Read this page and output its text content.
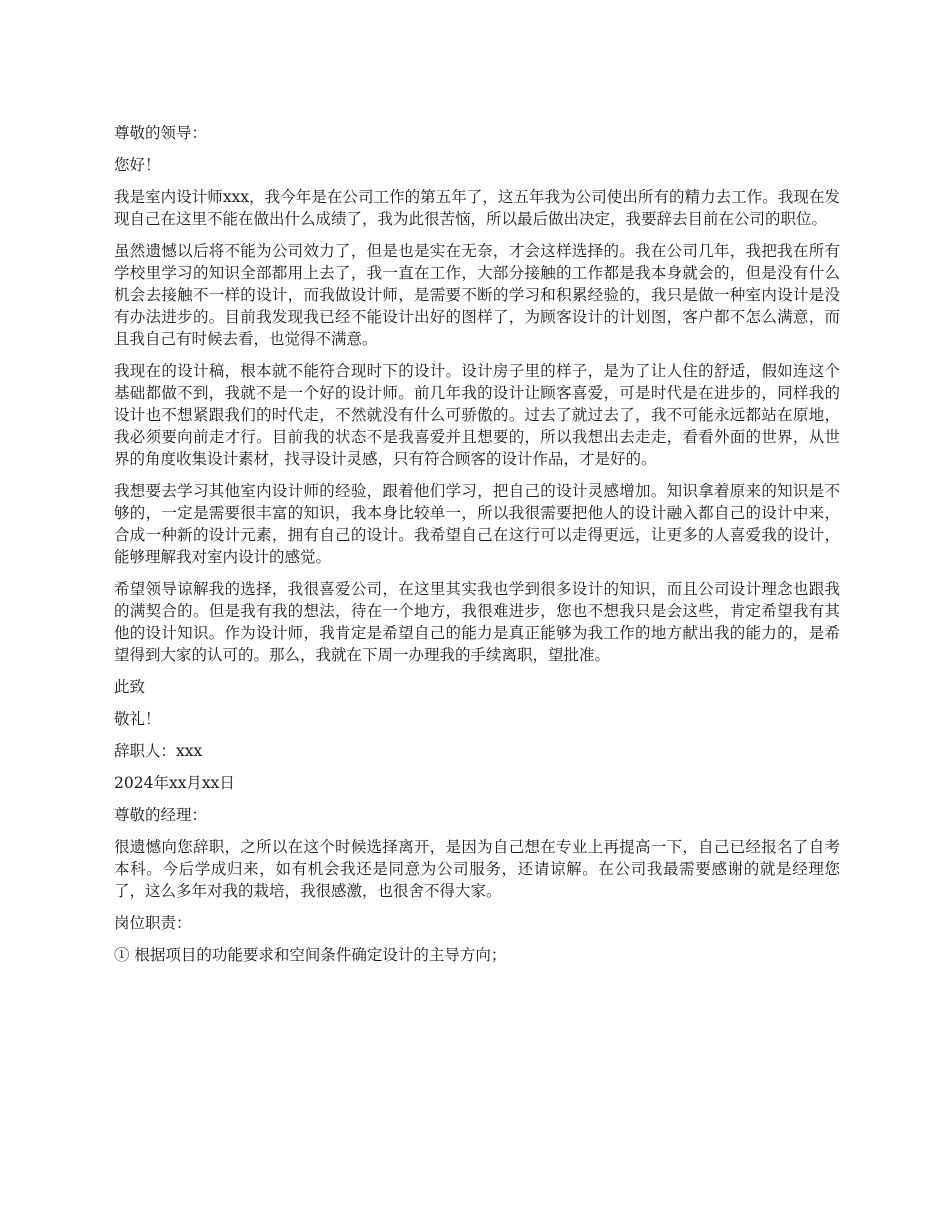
尊敬的领导：

您好！

我是室内设计师xxx，我今年是在公司工作的第五年了，这五年我为公司使出所有的精力去工作。我现在发现自己在这里不能在做出什么成绩了，我为此很苦恼，所以最后做出决定，我要辞去目前在公司的职位。

虽然遗憾以后将不能为公司效力了，但是也是实在无奈，才会这样选择的。我在公司几年，我把我在所有学校里学习的知识全部都用上去了，我一直在工作，大部分接触的工作都是我本身就会的，但是没有什么机会去接触不一样的设计，而我做设计师，是需要不断的学习和积累经验的，我只是做一种室内设计是没有办法进步的。目前我发现我已经不能设计出好的图样了，为顾客设计的计划图，客户都不怎么满意，而且我自己有时候去看，也觉得不满意。

我现在的设计稿，根本就不能符合现时下的设计。设计房子里的样子，是为了让人住的舒适，假如连这个基础都做不到，我就不是一个好的设计师。前几年我的设计让顾客喜爱，可是时代是在进步的，同样我的设计也不想紧跟我们的时代走，不然就没有什么可骄傲的。过去了就过去了，我不可能永远都站在原地，我必须要向前走才行。目前我的状态不是我喜爱并且想要的，所以我想出去走走，看看外面的世界，从世界的角度收集设计素材，找寻设计灵感，只有符合顾客的设计作品，才是好的。

我想要去学习其他室内设计师的经验，跟着他们学习，把自己的设计灵感增加。知识拿着原来的知识是不够的，一定是需要很丰富的知识，我本身比较单一，所以我很需要把他人的设计融入都自己的设计中来，合成一种新的设计元素，拥有自己的设计。我希望自己在这行可以走得更远，让更多的人喜爱我的设计，能够理解我对室内设计的感觉。

希望领导谅解我的选择，我很喜爱公司，在这里其实我也学到很多设计的知识，而且公司设计理念也跟我的满契合的。但是我有我的想法，待在一个地方，我很难进步，您也不想我只是会这些，肯定希望我有其他的设计知识。作为设计师，我肯定是希望自己的能力是真正能够为我工作的地方献出我的能力的，是希望得到大家的认可的。那么，我就在下周一办理我的手续离职，望批准。

此致

敬礼！

辞职人：xxx

2024年xx月xx日

尊敬的经理：

很遗憾向您辞职，之所以在这个时候选择离开，是因为自己想在专业上再提高一下，自己已经报名了自考本科。今后学成归来，如有机会我还是同意为公司服务，还请谅解。在公司我最需要感谢的就是经理您了，这么多年对我的栽培，我很感激，也很舍不得大家。

岗位职责：

① 根据项目的功能要求和空间条件确定设计的主导方向；
